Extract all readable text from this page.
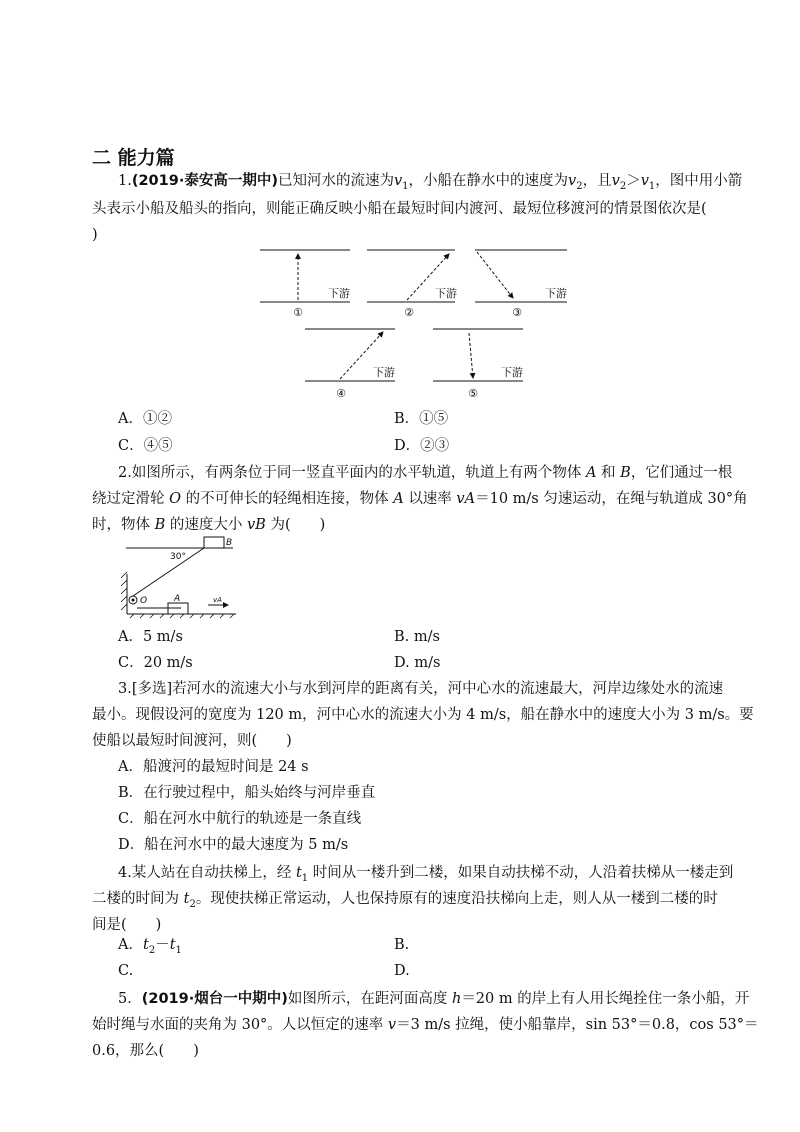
二 能力篇
1.(2019·泰安高一期中)已知河水的流速为$v_1$，小船在静水中的速度为$v_2$，且$v_2>v_1$，图中用小箭
头表示小船及船头的指向，则能正确反映小船在最短时间内渡河、最短位移渡河的情景图依次是(
)
下游	下游	下游
下游	下游
①	②	③
④	⑤
A．①②	B．①⑤
C．④⑤	D．②③
2.如图所示，有两条位于同一竖直平面内的水平轨道，轨道上有两个物体 A 和 B，它们通过一根
绕过定滑轮 O 的不可伸长的轻绳相连接，物体 A 以速率 vA＝10 m/s 匀速运动，在绳与轨道成 30°角
时，物体 B 的速度大小 vB 为(　　)
30°
B
O	A	vA
A．5 m/s	B. m/s
C．20 m/s	D. m/s
3.[多选]若河水的流速大小与水到河岸的距离有关，河中心水的流速最大，河岸边缘处水的流速
最小。现假设河的宽度为 120 m，河中心水的流速大小为 4 m/s，船在静水中的速度大小为 3 m/s。要
使船以最短时间渡河，则(　　)
A．船渡河的最短时间是 24 s
B．在行驶过程中，船头始终与河岸垂直
C．船在河水中航行的轨迹是一条直线
D．船在河水中的最大速度为 5 m/s
4.某人站在自动扶梯上，经 $t_1$ 时间从一楼升到二楼，如果自动扶梯不动，人沿着扶梯从一楼走到
二楼的时间为 $t_2$。现使扶梯正常运动，人也保持原有的速度沿扶梯向上走，则人从一楼到二楼的时
间是(　　)
A．$t_2-t_1$	B.
C.	D.
5．(2019·烟台一中期中)如图所示，在距河面高度 h＝20 m 的岸上有人用长绳拴住一条小船，开
始时绳与水面的夹角为 30°。人以恒定的速率 v＝3 m/s 拉绳，使小船靠岸，sin 53°＝0.8，cos 53°＝
0.6，那么(　　)
